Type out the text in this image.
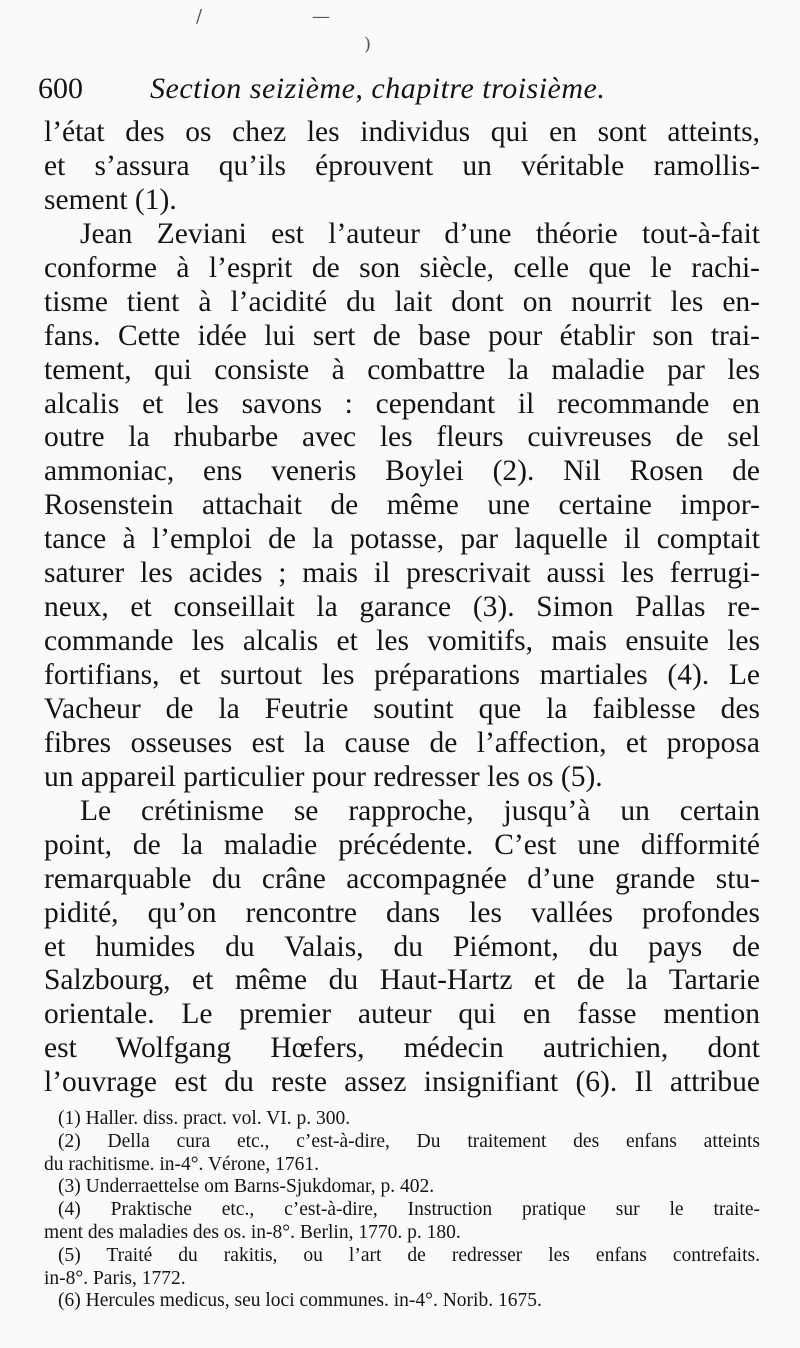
/	—
)
600	Section seizième, chapitre troisième.
l’état des os chez les individus qui en sont atteints,
et s’assura qu’ils éprouvent un véritable ramollis-
sement (1).
Jean Zeviani est l’auteur d’une théorie tout-à-fait
conforme à l’esprit de son siècle, celle que le rachi-
tisme tient à l’acidité du lait dont on nourrit les en-
fans. Cette idée lui sert de base pour établir son trai-
tement, qui consiste à combattre la maladie par les
alcalis et les savons : cependant il recommande en
outre la rhubarbe avec les fleurs cuivreuses de sel
ammoniac, ens veneris Boylei (2). Nil Rosen de
Rosenstein attachait de même une certaine impor-
tance à l’emploi de la potasse, par laquelle il comptait
saturer les acides ; mais il prescrivait aussi les ferrugi-
neux, et conseillait la garance (3). Simon Pallas re-
commande les alcalis et les vomitifs, mais ensuite les
fortifians, et surtout les préparations martiales (4). Le
Vacheur de la Feutrie soutint que la faiblesse des
fibres osseuses est la cause de l’affection, et proposa
un appareil particulier pour redresser les os (5).
Le crétinisme se rapproche, jusqu’à un certain
point, de la maladie précédente. C’est une difformité
remarquable du crâne accompagnée d’une grande stu-
pidité, qu’on rencontre dans les vallées profondes
et humides du Valais, du Piémont, du pays de
Salzbourg, et même du Haut-Hartz et de la Tartarie
orientale. Le premier auteur qui en fasse mention
est Wolfgang Hœfers, médecin autrichien, dont
l’ouvrage est du reste assez insignifiant (6). Il attribue
(1) Haller. diss. pract. vol. VI. p. 300.
(2) Della cura etc., c’est-à-dire, Du traitement des enfans atteints
du rachitisme. in-4°. Vérone, 1761.
(3) Underraettelse om Barns-Sjukdomar, p. 402.
(4) Praktische etc., c’est-à-dire, Instruction pratique sur le traite-
ment des maladies des os. in-8°. Berlin, 1770. p. 180.
(5) Traité du rakitis, ou l’art de redresser les enfans contrefaits.
in-8°. Paris, 1772.
(6) Hercules medicus, seu loci communes. in-4°. Norib. 1675.
